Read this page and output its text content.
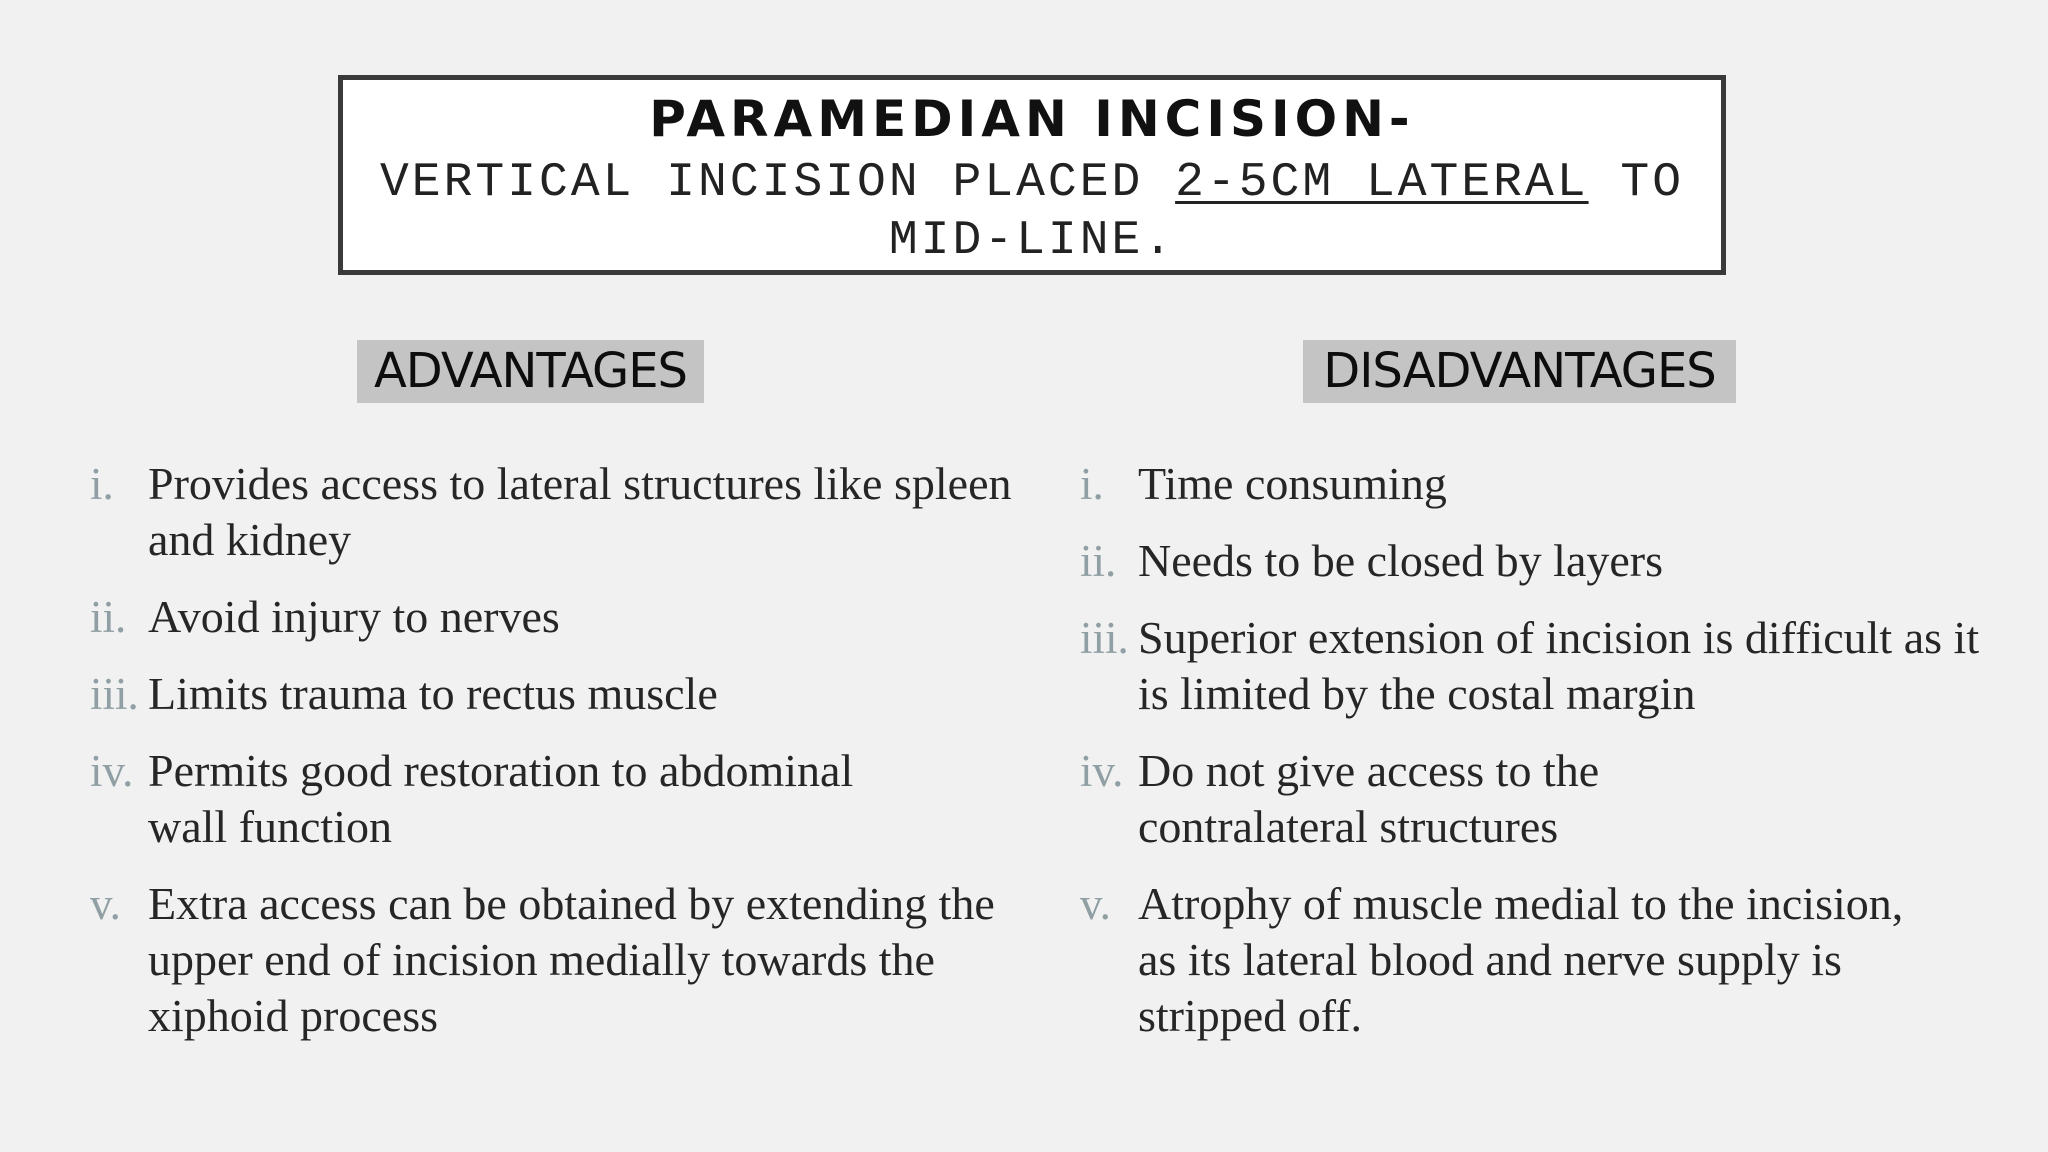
PARAMEDIAN INCISION-
VERTICAL INCISION PLACED 2-5CM LATERAL TO MID-LINE.
ADVANTAGES	DISADVANTAGES
i. Provides access to lateral structures like spleen and kidney
ii. Avoid injury to nerves
iii. Limits trauma to rectus muscle
iv. Permits good restoration to abdominal wall function
v. Extra access can be obtained by extending the upper end of incision medially towards the xiphoid process
i. Time consuming
ii. Needs to be closed by layers
iii. Superior extension of incision is difficult as it is limited by the costal margin
iv. Do not give access to the contralateral structures
v. Atrophy of muscle medial to the incision, as its lateral blood and nerve supply is stripped off.
